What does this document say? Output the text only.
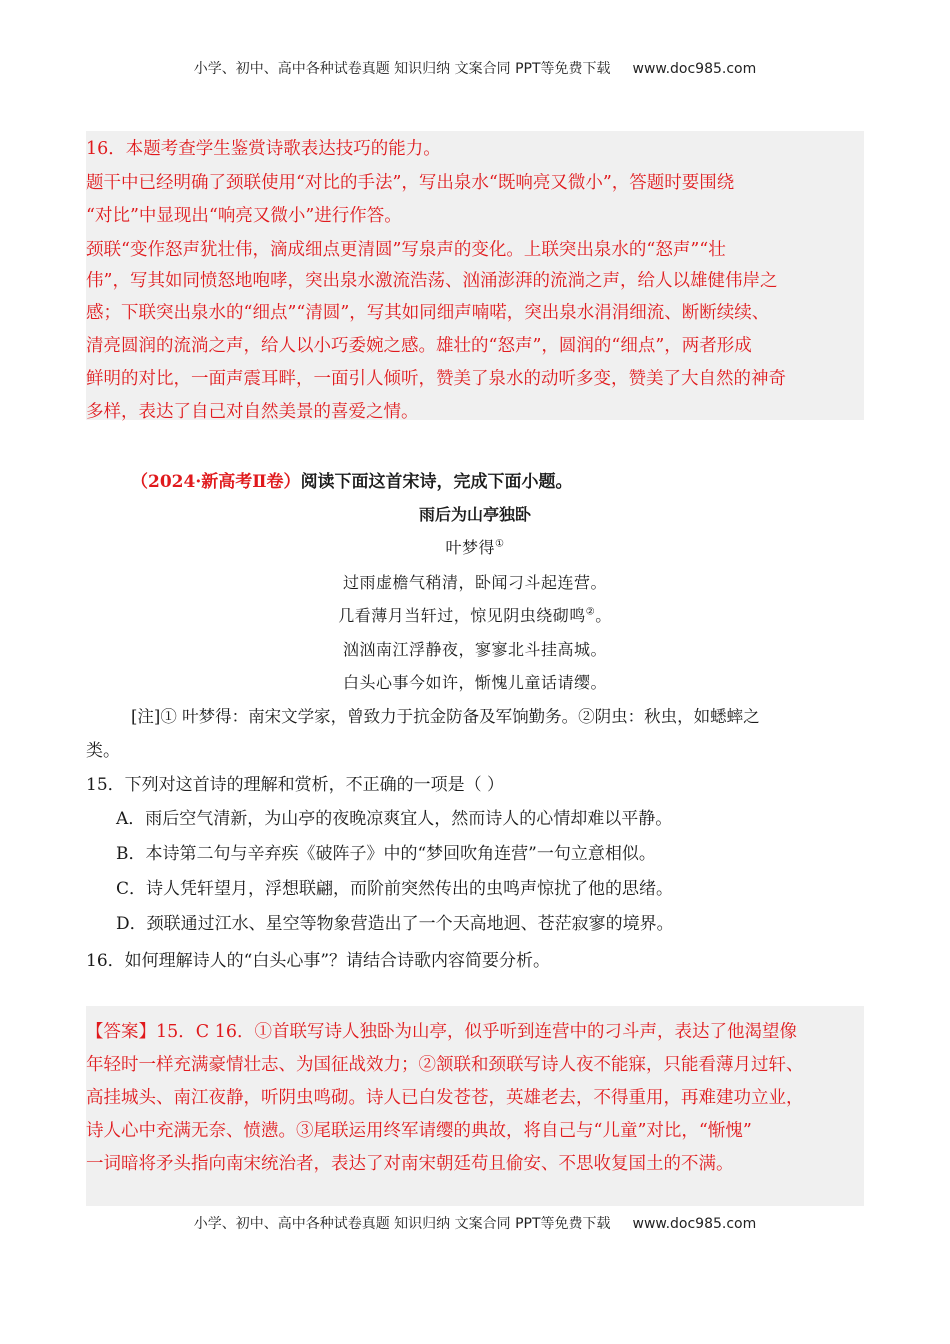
小学、初中、高中各种试卷真题 知识归纳 文案合同 PPT等免费下载 www.doc985.com
16．本题考查学生鉴赏诗歌表达技巧的能力。
题干中已经明确了颈联使用“对比的手法”，写出泉水“既响亮又微小”，答题时要围绕
“对比”中显现出“响亮又微小”进行作答。
颈联“变作怒声犹壮伟，滴成细点更清圆”写泉声的变化。上联突出泉水的“怒声”“壮
伟”，写其如同愤怒地咆哮，突出泉水激流浩荡、汹涌澎湃的流淌之声，给人以雄健伟岸之
感；下联突出泉水的“细点”“清圆”，写其如同细声喃喏，突出泉水涓涓细流、断断续续、
清亮圆润的流淌之声，给人以小巧委婉之感。雄壮的“怒声”，圆润的“细点”，两者形成
鲜明的对比，一面声震耳畔，一面引人倾听，赞美了泉水的动听多变，赞美了大自然的神奇
多样，表达了自己对自然美景的喜爱之情。
（2024·新高考Ⅱ卷）阅读下面这首宋诗，完成下面小题。
雨后为山亭独卧
叶梦得①
过雨虚檐气稍清，卧闻刁斗起连营。
几看薄月当轩过，惊见阴虫绕砌鸣②。
汹汹南江浮静夜，寥寥北斗挂高城。
白头心事今如许，惭愧儿童话请缨。
[注]① 叶梦得：南宋文学家，曾致力于抗金防备及军饷勤务。②阴虫：秋虫，如蟋蟀之
类。
15．下列对这首诗的理解和赏析，不正确的一项是（ ）
A．雨后空气清新，为山亭的夜晚凉爽宜人，然而诗人的心情却难以平静。
B．本诗第二句与辛弃疾《破阵子》中的“梦回吹角连营”一句立意相似。
C．诗人凭轩望月，浮想联翩，而阶前突然传出的虫鸣声惊扰了他的思绪。
D．颈联通过江水、星空等物象营造出了一个天高地迥、苍茫寂寥的境界。
16．如何理解诗人的“白头心事”？请结合诗歌内容简要分析。
【答案】15．C 16．①首联写诗人独卧为山亭，似乎听到连营中的刁斗声，表达了他渴望像
年轻时一样充满豪情壮志、为国征战效力；②颔联和颈联写诗人夜不能寐，只能看薄月过轩、
高挂城头、南江夜静，听阴虫鸣砌。诗人已白发苍苍，英雄老去，不得重用，再难建功立业，
诗人心中充满无奈、愤懑。③尾联运用终军请缨的典故，将自己与“儿童”对比，“惭愧”
一词暗将矛头指向南宋统治者，表达了对南宋朝廷苟且偷安、不思收复国土的不满。
小学、初中、高中各种试卷真题 知识归纳 文案合同 PPT等免费下载 www.doc985.com
